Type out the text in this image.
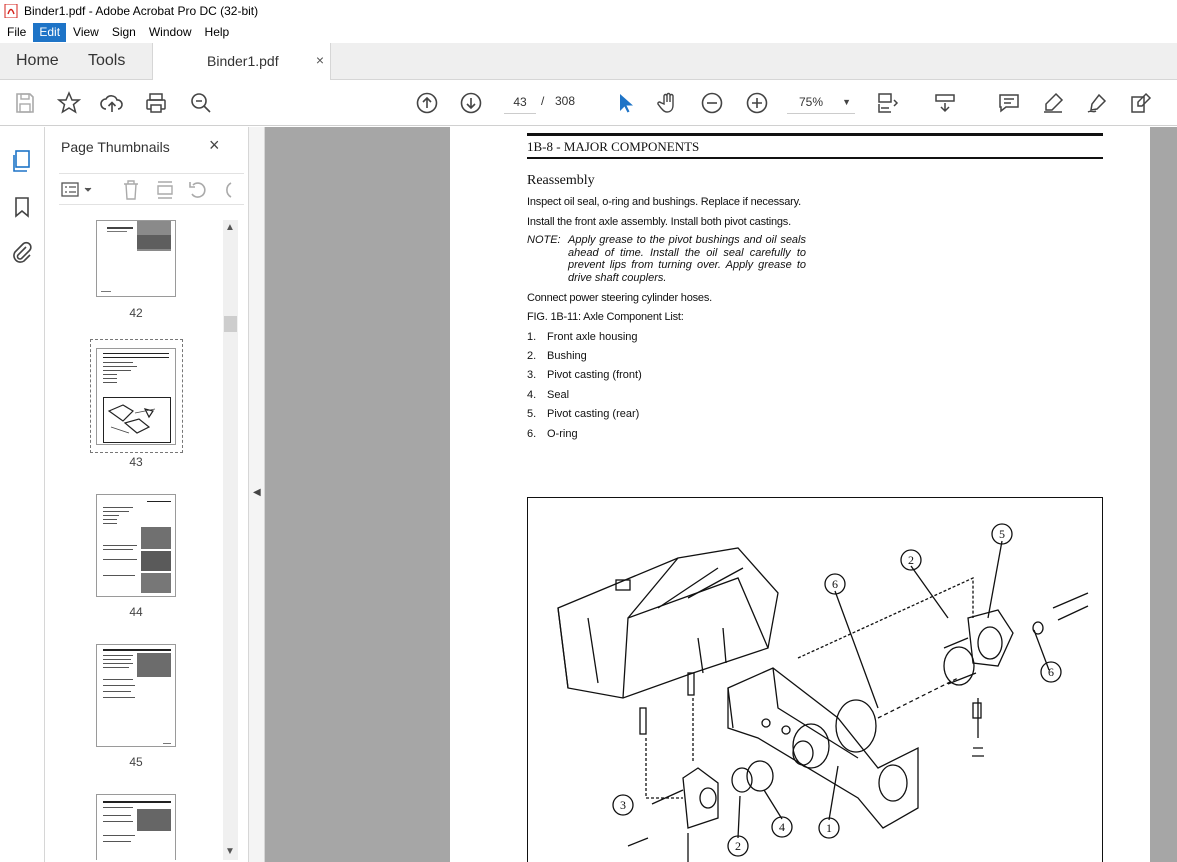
Binder1.pdf - Adobe Acrobat Pro DC (32-bit)
File	Edit	View	Sign	Window	Help
Home Tools	Binder1.pdf	×
43	/ 308	75% ▼
Page Thumbnails ×
42
43
44
45
▲
▼
◀
1B-8 - MAJOR COMPONENTS
Reassembly
Inspect oil seal, o-ring and bushings. Replace if necessary.
Install the front axle assembly. Install both pivot castings.
NOTE: Apply grease to the pivot bushings and oil seals ahead of time. Install the oil seal carefully to prevent lips from turning over. Apply grease to drive shaft couplers.
Connect power steering cylinder hoses.
FIG. 1B-11: Axle Component List:
1. Front axle housing
2. Bushing
3. Pivot casting (front)
4. Seal
5. Pivot casting (rear)
6. O-ring
6
2
5
6
3
2
4	1
